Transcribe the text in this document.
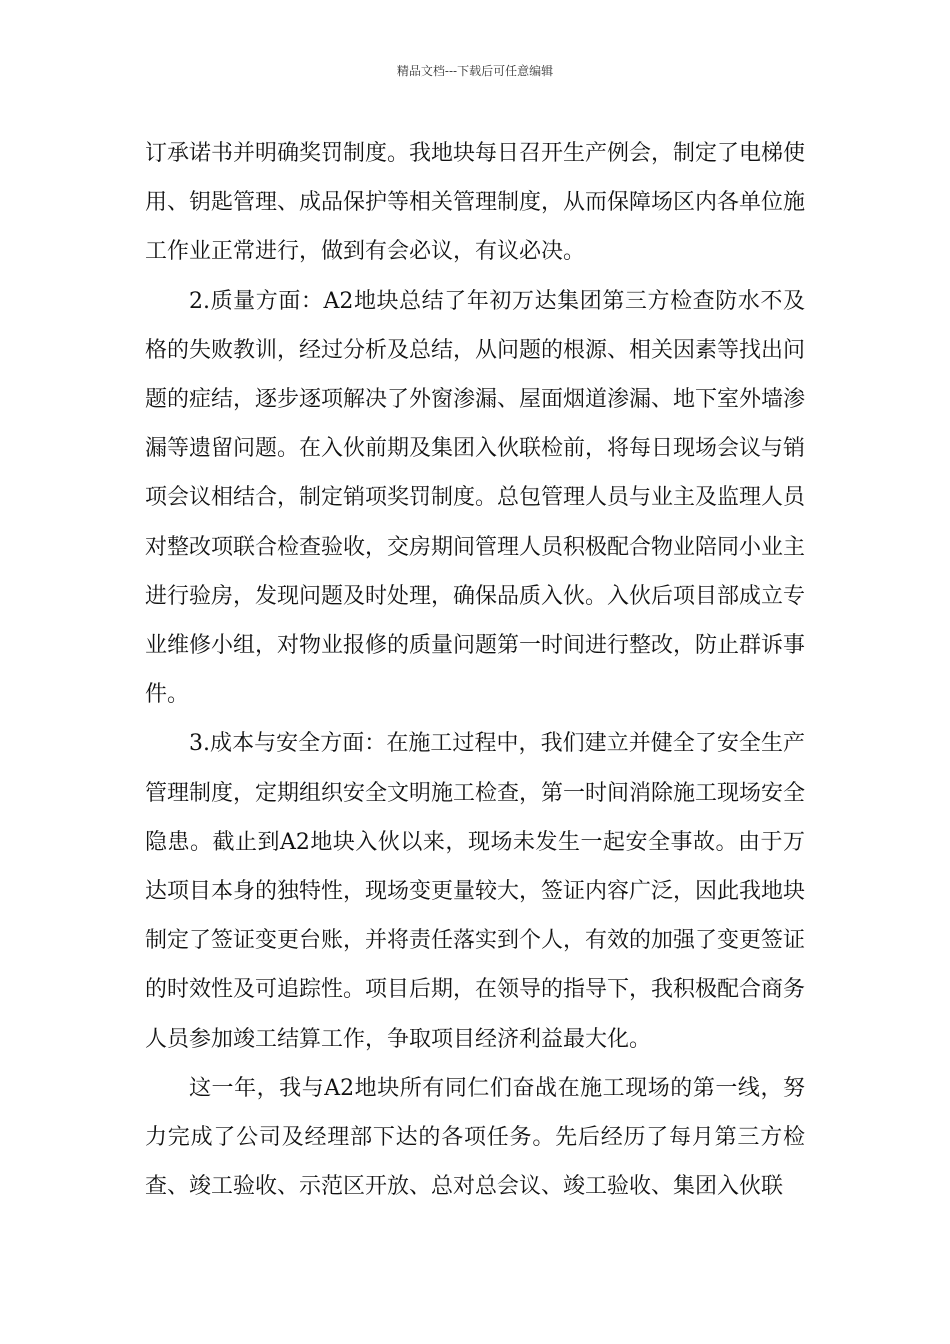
精品文档---下载后可任意编辑

订承诺书并明确奖罚制度。我地块每日召开生产例会，制定了电梯使用、钥匙管理、成品保护等相关管理制度，从而保障场区内各单位施工作业正常进行，做到有会必议，有议必决。

2.质量方面：A2地块总结了年初万达集团第三方检查防水不及格的失败教训，经过分析及总结，从问题的根源、相关因素等找出问题的症结，逐步逐项解决了外窗渗漏、屋面烟道渗漏、地下室外墙渗漏等遗留问题。在入伙前期及集团入伙联检前，将每日现场会议与销项会议相结合，制定销项奖罚制度。总包管理人员与业主及监理人员对整改项联合检查验收，交房期间管理人员积极配合物业陪同小业主进行验房，发现问题及时处理，确保品质入伙。入伙后项目部成立专业维修小组，对物业报修的质量问题第一时间进行整改，防止群诉事件。

3.成本与安全方面：在施工过程中，我们建立并健全了安全生产管理制度，定期组织安全文明施工检查，第一时间消除施工现场安全隐患。截止到A2地块入伙以来，现场未发生一起安全事故。由于万达项目本身的独特性，现场变更量较大，签证内容广泛，因此我地块制定了签证变更台账，并将责任落实到个人，有效的加强了变更签证的时效性及可追踪性。项目后期，在领导的指导下，我积极配合商务人员参加竣工结算工作，争取项目经济利益最大化。

这一年，我与A2地块所有同仁们奋战在施工现场的第一线，努力完成了公司及经理部下达的各项任务。先后经历了每月第三方检查、竣工验收、示范区开放、总对总会议、竣工验收、集团入伙联
